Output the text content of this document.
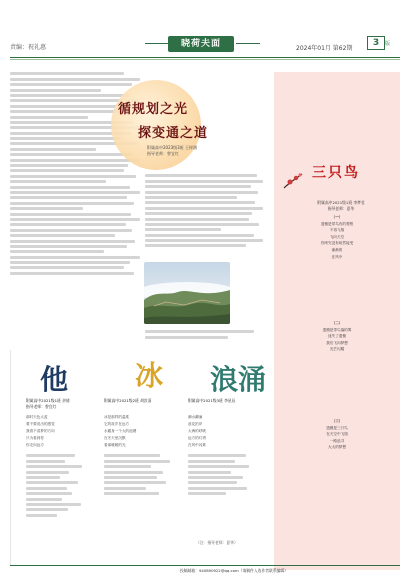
责编：祝礼惠	晓荷夫面	2024年01月 第62期
3	版
循规划之光
探变通之道
附属高中2023级3班 王梓涵
指导老师：曾宜红
三只鸟
附属高中2021级1班 李梦君
指导老师：夏华
（一）
遗憾是带鸟有的观察
不再飞翔
飞向天空
你终究没有坦然接受
渐渐的
在风中
（二）
遗憾是带鸟落的雾
迷失了遗憾
我们飞向梦想
光芒闪耀
（三）
遗憾是三只鸟
在天空中飞翔
一路追寻
大大的梦想
他 冰 浪涌
附属高中2021级1班 余倩
指导老师：曾宜红
那时天色太蓝
要不要说出的感觉
我看不清梦的方向
只为看到你
你走向远方
附属高中2021级2班 胡汝清
冰是那样的温柔
它的故乡在远方
水藏身一个大的池塘
在冬天里沉默
看那暖暖的光
附属高中2021级3班 李星辰
潮水翻涌
浪花拍岸
大海的呼吸
远方的灯塔
在风中闪烁
（注：指导老师：夏华）
投稿邮箱：940890922@qq.com（请稿件入选作者联系编辑）
